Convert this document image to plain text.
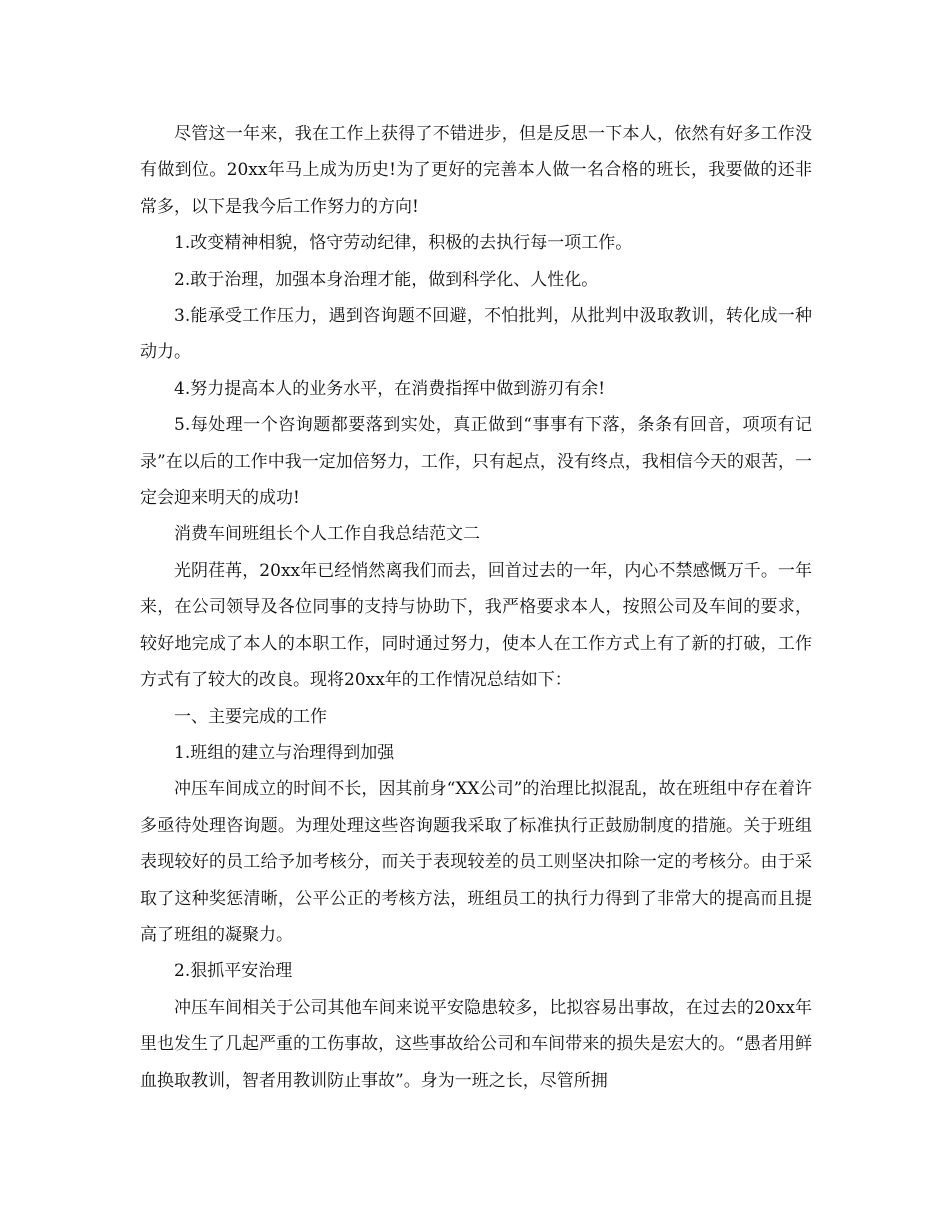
尽管这一年来，我在工作上获得了不错进步，但是反思一下本人，依然有好多工作没有做到位。20xx年马上成为历史!为了更好的完善本人做一名合格的班长，我要做的还非常多，以下是我今后工作努力的方向!

1.改变精神相貌，恪守劳动纪律，积极的去执行每一项工作。

2.敢于治理，加强本身治理才能，做到科学化、人性化。

3.能承受工作压力，遇到咨询题不回避，不怕批判，从批判中汲取教训，转化成一种动力。

4.努力提高本人的业务水平，在消费指挥中做到游刃有余!

5.每处理一个咨询题都要落到实处，真正做到“事事有下落，条条有回音，项项有记录”在以后的工作中我一定加倍努力，工作，只有起点，没有终点，我相信今天的艰苦，一定会迎来明天的成功!

消费车间班组长个人工作自我总结范文二

光阴荏苒，20xx年已经悄然离我们而去，回首过去的一年，内心不禁感慨万千。一年来，在公司领导及各位同事的支持与协助下，我严格要求本人，按照公司及车间的要求，较好地完成了本人的本职工作，同时通过努力，使本人在工作方式上有了新的打破，工作方式有了较大的改良。现将20xx年的工作情况总结如下：

一、主要完成的工作

1.班组的建立与治理得到加强

冲压车间成立的时间不长，因其前身“XX公司”的治理比拟混乱，故在班组中存在着许多亟待处理咨询题。为理处理这些咨询题我采取了标准执行正鼓励制度的措施。关于班组表现较好的员工给予加考核分，而关于表现较差的员工则坚决扣除一定的考核分。由于采取了这种奖惩清晰，公平公正的考核方法，班组员工的执行力得到了非常大的提高而且提高了班组的凝聚力。

2.狠抓平安治理

冲压车间相关于公司其他车间来说平安隐患较多，比拟容易出事故，在过去的20xx年里也发生了几起严重的工伤事故，这些事故给公司和车间带来的损失是宏大的。“愚者用鲜血换取教训，智者用教训防止事故”。身为一班之长，尽管所拥
